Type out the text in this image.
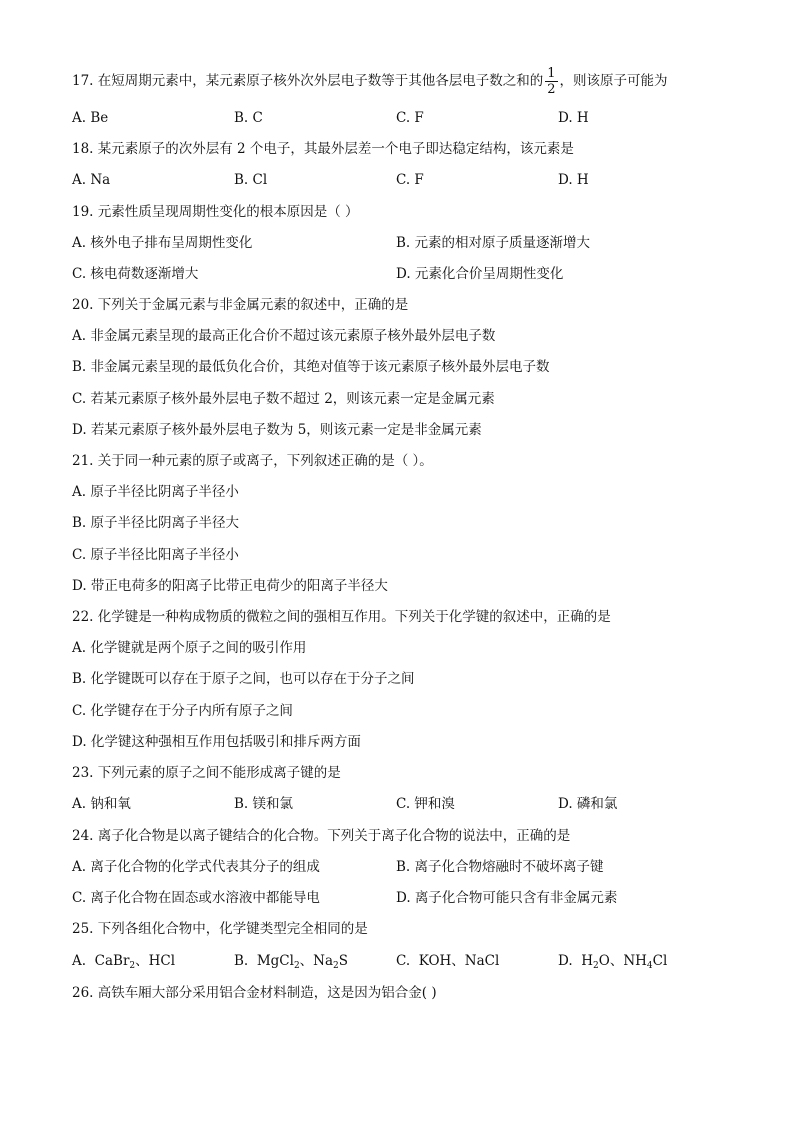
17. 在短周期元素中，某元素原子核外次外层电子数等于其他各层电子数之和的 $\frac{1}{2}$ ，则该原子可能为
A. Be	B. C	C. F	D. H
18. 某元素原子的次外层有 2 个电子，其最外层差一个电子即达稳定结构，该元素是
A. Na	B. Cl	C. F	D. H
19. 元素性质呈现周期性变化的根本原因是（ ）
A. 核外电子排布呈周期性变化	B. 元素的相对原子质量逐渐增大
C. 核电荷数逐渐增大	D. 元素化合价呈周期性变化
20. 下列关于金属元素与非金属元素的叙述中，正确的是
A. 非金属元素呈现的最高正化合价不超过该元素原子核外最外层电子数
B. 非金属元素呈现的最低负化合价，其绝对值等于该元素原子核外最外层电子数
C. 若某元素原子核外最外层电子数不超过 2，则该元素一定是金属元素
D. 若某元素原子核外最外层电子数为 5，则该元素一定是非金属元素
21. 关于同一种元素的原子或离子，下列叙述正确的是（ ）。
A. 原子半径比阴离子半径小
B. 原子半径比阴离子半径大
C. 原子半径比阳离子半径小
D. 带正电荷多的阳离子比带正电荷少的阳离子半径大
22. 化学键是一种构成物质的微粒之间的强相互作用。下列关于化学键的叙述中，正确的是
A. 化学键就是两个原子之间的吸引作用
B. 化学键既可以存在于原子之间，也可以存在于分子之间
C. 化学键存在于分子内所有原子之间
D. 化学键这种强相互作用包括吸引和排斥两方面
23. 下列元素的原子之间不能形成离子键的是
A. 钠和氧	B. 镁和氯	C. 钾和溴	D. 磷和氯
24. 离子化合物是以离子键结合的化合物。下列关于离子化合物的说法中，正确的是
A. 离子化合物的化学式代表其分子的组成	B. 离子化合物熔融时不破坏离子键
C. 离子化合物在固态或水溶液中都能导电	D. 离子化合物可能只含有非金属元素
25. 下列各组化合物中，化学键类型完全相同的是
A. CaBr$_2$、HCl	B. MgCl$_2$、$Na_2S$	C. KOH、NaCl	D. $H_2O$、$NH_4Cl$
26. 高铁车厢大部分采用铝合金材料制造，这是因为铝合金( )
